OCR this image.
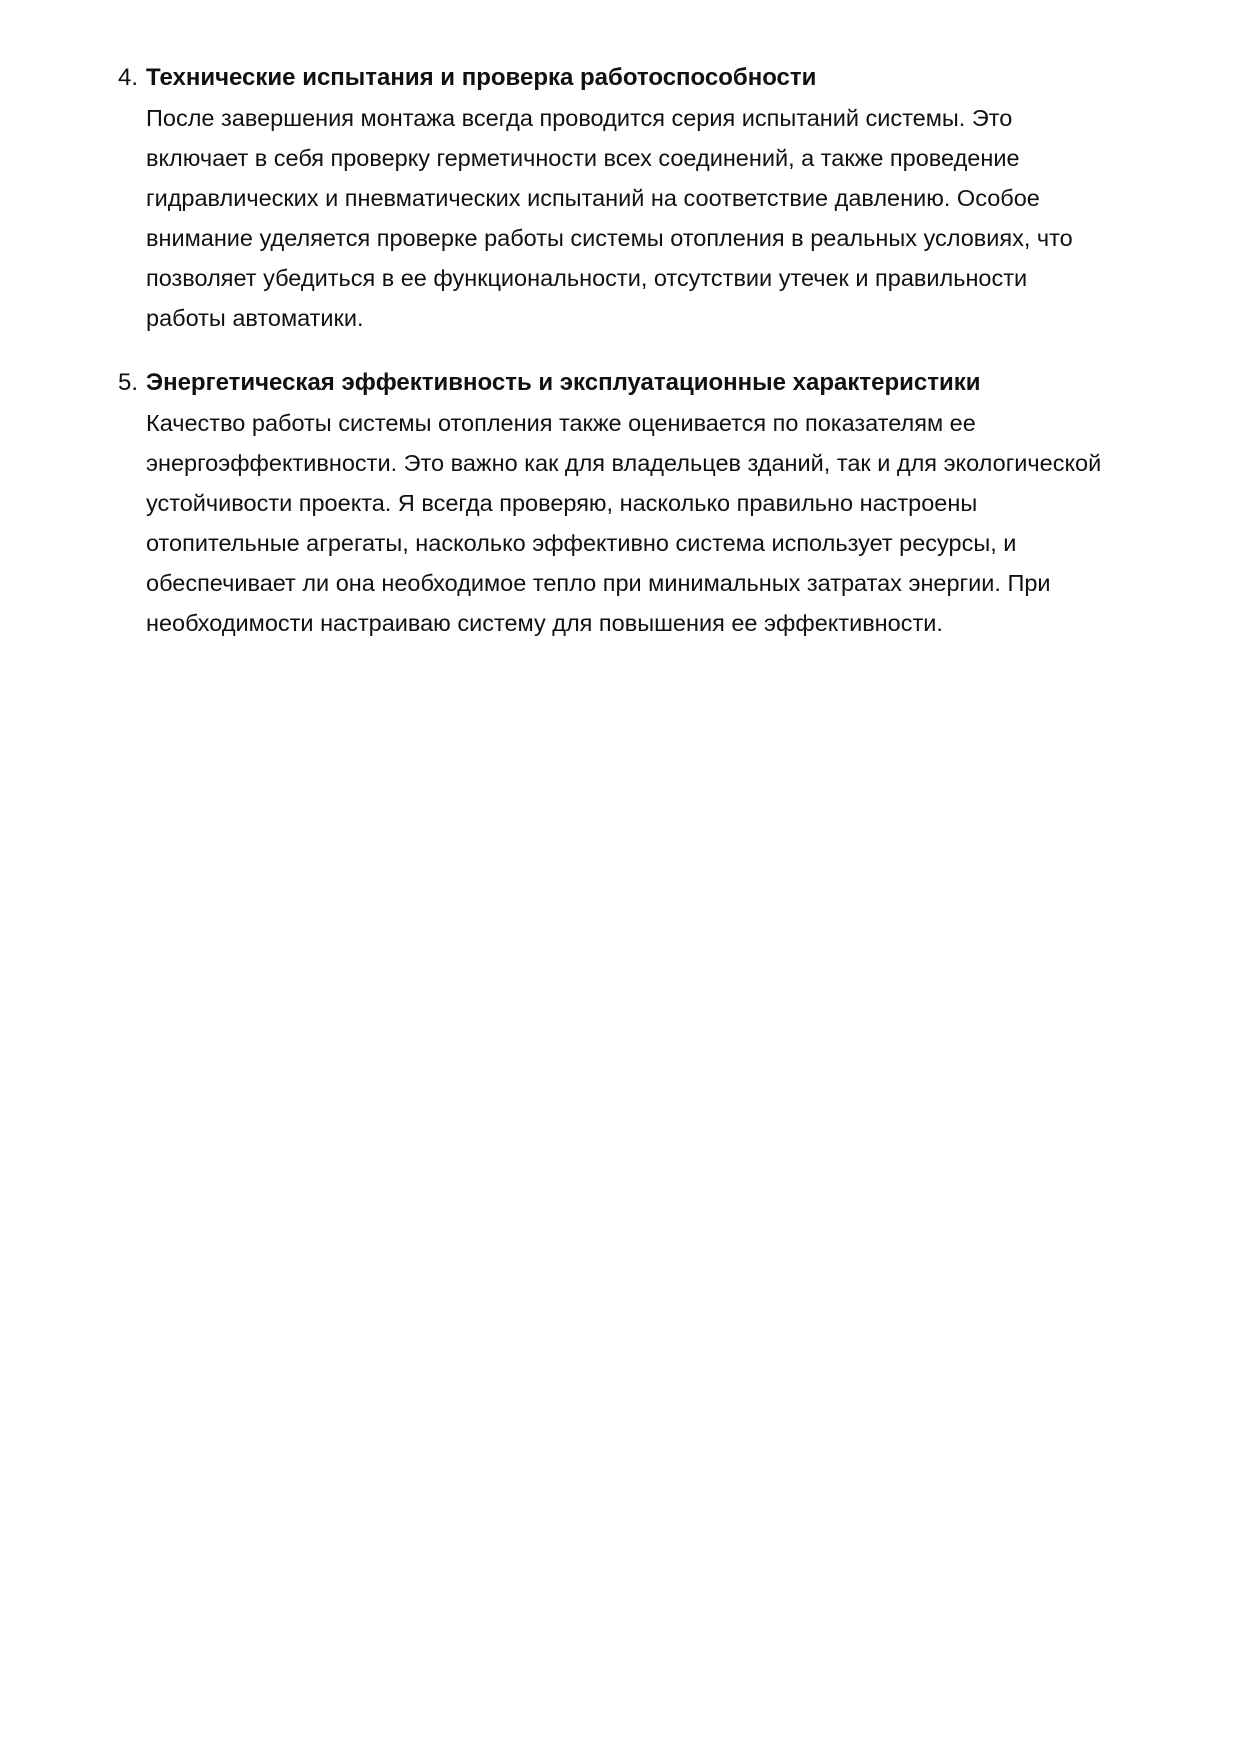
4. Технические испытания и проверка работоспособности
После завершения монтажа всегда проводится серия испытаний системы. Это
включает в себя проверку герметичности всех соединений, а также проведение
гидравлических и пневматических испытаний на соответствие давлению. Особое
внимание уделяется проверке работы системы отопления в реальных условиях, что
позволяет убедиться в ее функциональности, отсутствии утечек и правильности
работы автоматики.
5. Энергетическая эффективность и эксплуатационные характеристики
Качество работы системы отопления также оценивается по показателям ее
энергоэффективности. Это важно как для владельцев зданий, так и для экологической
устойчивости проекта. Я всегда проверяю, насколько правильно настроены
отопительные агрегаты, насколько эффективно система использует ресурсы, и
обеспечивает ли она необходимое тепло при минимальных затратах энергии. При
необходимости настраиваю систему для повышения ее эффективности.
